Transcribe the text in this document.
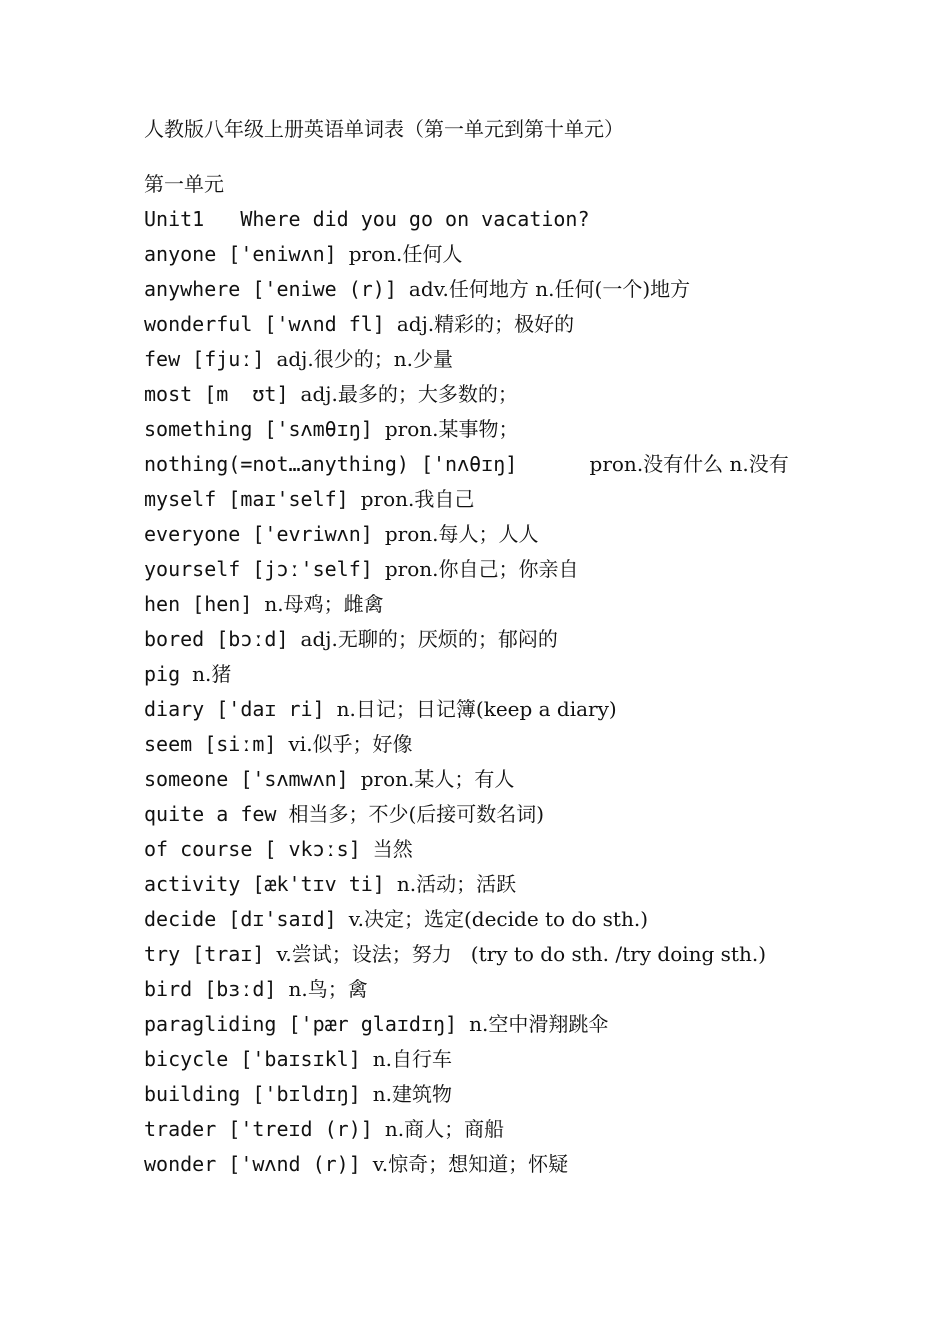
人教版八年级上册英语单词表（第一单元到第十单元）
第一单元
Unit1   Where did you go on vacation?
anyone ['eniwʌn] pron.任何人
anywhere ['eniwe (r)] adv.任何地方 n.任何(一个)地方
wonderful ['wʌnd fl] adj.精彩的；极好的
few [fjuː] adj.很少的；n.少量
most [m  ʊt] adj.最多的；大多数的；
something ['sʌmθɪŋ] pron.某事物；
nothing(=not…anything) ['nʌθɪŋ]      pron.没有什么 n.没有
myself [maɪ'self] pron.我自己
everyone ['evriwʌn] pron.每人；人人
yourself [jɔː'self] pron.你自己；你亲自
hen [hen] n.母鸡；雌禽
bored [bɔːd] adj.无聊的；厌烦的；郁闷的
pig n.猪
diary ['daɪ ri] n.日记；日记簿(keep a diary)
seem [siːm] vi.似乎；好像
someone ['sʌmwʌn] pron.某人；有人
quite a few 相当多；不少(后接可数名词)
of course [ vkɔːs] 当然
activity [æk'tɪv ti] n.活动；活跃
decide [dɪ'saɪd] v.决定；选定(decide to do sth.)
try [traɪ] v.尝试；设法；努力   (try to do sth. /try doing sth.)
bird [bɜːd] n.鸟；禽
paragliding ['pær glaɪdɪŋ] n.空中滑翔跳伞
bicycle ['baɪsɪkl] n.自行车
building ['bɪldɪŋ] n.建筑物
trader ['treɪd (r)] n.商人；商船
wonder ['wʌnd (r)] v.惊奇；想知道；怀疑
